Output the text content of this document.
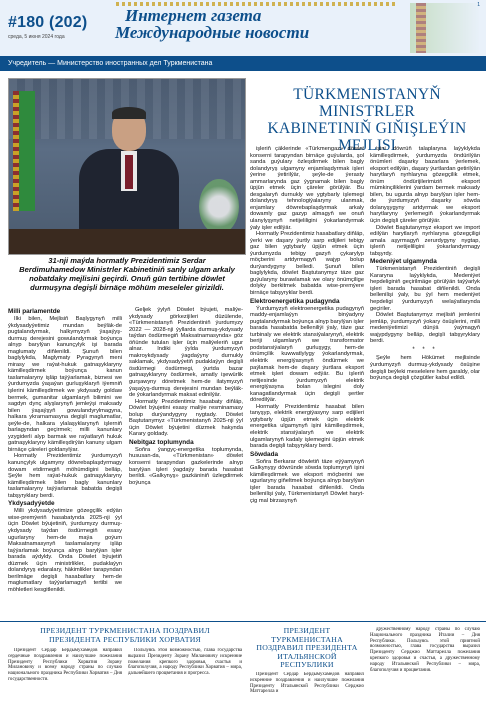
#180 (202)
среда, 5 июня 2024 года
Интернет газета
Международные новости
1
Учредитель — Министерство иностранных дел Туркменистана
31-nji maýda hormatly Prezidentimiz Serdar Berdimuhamedow Ministrler Kabinetiniň sanly ulgam arkaly nobatdaky mejlisini geçirdi. Onuň gün tertibine döwlet durmuşyna degişli birnäçe möhüm meseleler girizildi.
TÜRKMENISTANYŇ MINISTRLER
KABINETINIŇ GIŇIŞLEÝIN
MEJLISI
Milli parlamentde

Ilki bilen, Mejlisiň Başlygynyň milli ýkdysadyýetimiz mundan beýläk-de pugtalandyrmak, halkymyzyň ýaşaýyş-durmuş derejesini gowulandyrmak boýunça alnyp barylýan kanunçylyk işi barada maglumaty diňlenildi. Şunuň bilen baglylykda, Maglymaty Pyragynyň meni mirasy we raýat-hukuk gatnaşyklaryny kämilleşdirmek boýunça kanun taslamalaryny işläp taýýarlamak, biznesi we ýurdumyzda ýaşaýan gurluşyklaryň iýemniň işlerini kämilleşdirmek we ykdysady goldaw bermek, gumanitar ulgamlaryň bilimini we sagdyn dynç alyşlarynyň jemleýşi maksady bilen ýaşaýşyň gowulandyrylmagyna, halkara ykrarnamasyna degişli maglumatlar, şeýle-de, halkara ylalaşyklarynyň işlerniň barlagyndan geçirmek; milli kanunlary yzygiderli alyp barmak we raýatlaryň hukuk gatnaşyklaryny kämilleşdirýän kanuny ulgam birnäçe çäreleri goldanylýar.

Hormatly Prezidentimiz ýurdumyzyň kanunçylyk ulgamyny döwrebaplaşdyrmagy dowam etdirmegiň möhümdigini belläp, Şeýle hem raýat-hukuk gatnaşyklaryny kämilleşdirmek bilen bagly kanunlary taslamalaryny taýýarlamak babatda degişli tabşyryklary berdi.

Ykdysadyýetde

Milli ykdysadyýetimize gözegçilik edýän wise-premýeriň hasabatynda 2025-nji ýyl üçin Döwlet býujetiniň, ýurdumyzy durmuş-ykdysady taýdan ösdürmegiň esasy ugurlaryny hem-de maýa goýum Maksatnamasynyň taslamalaryny işläp taýýarlamak boýunça alnyp barylýan işler barada aýdyldy. Onda Döwlet býujetiň düzmek üçin ministrlikler, pudaklaýyn dolandyryş edaralary, häkimlikler tarapyndan berilmäge degişli hasabatlary hem-de maglumatlary taýýarlamagyň tertibi we möhletleri kesgitlenildi.

Geljek ýylyň Döwlet býujeti, maliýe-ykdysady görkezijileri düzülende, «Türkmenistanyň Prezidentiniň ýurdumyzy 2022 — 2028-nji ýyllarda durmuş-ykdysady taýdan ösdürmegiň Maksatnamasynda» göz öňünde tutulan işler üçin maliýeleriň ugur alnar. Indiki ýylda ýurdumyzyň makroykdysady ýagdaýyny durnukly saklamak, ykdysadyýetiň pudaklaýyn degişli ösdürmegi ösdürmegi, ýurtda bazar gatnaşyklaryny ösdürmek, amatly işewürlik gurşawyny döretmek hem-de ilatymyzyň ýaşaýyş-durmuş derejesini mundan beýläk-de ýokarlandyrmak maksat edinilýär.

Hormatly Prezidentimiz hasabaty diňläp, Döwlet býujetini esasy maliýe resminamasy bolup durýandygyny nygtady. Döwlet Baştutanymyz «Türkmenistanyň 2025-nji ýyl üçin Döwlet býujetini düzmek hakynda Karary goldady.

Nebitgaz toplumynda

Soňra ýangyç-energetika toplumynda, hususan-da, «Türkmenistan» döwlet konserni tarapyndan gazkelerinde alnyp barylýan işleri ýagdaýy barada hasabat berildi. «Galkynyş» gazkäniniň üzlegdirmek boýunça

işleriň çäklerinde «Türkmengaz» döwlet konserni tarapyndan birnäçe guýularda, şol sanda guýulary özleşdirmek bilen bagly dolandyryş ulgamyny enjamlaşdyrmak işleri ýerine ýetirilýär, şeýle-de ýerasty ammarlarynda gaz ýygnamak bilen bagly üpjün etmek üçin çäreler görülýär. Bu desgalaryň durnukly we ygtybarly işlemegi dolandyryş tehnologiýalaryny ulanmak, enjamlary döwrebaplaşdyrmak arkaly dowamly gaz gazyp almagyň we onuň ulanylyşynyň netijeliligini ýokarlandyrmak ýaly işler edilýär.

Hormatly Prezidentimiz hasabatlary diňläp, ýerki we daşary ýurtly sarp edijileri tebigy gaz bilen ygtybarly üpjün etmek üçin ýurdumyzda tebigy gazyň çykarylyp möçberini artdyrmagyň wajyp bolup durýandygyny belledi. Şunuň bilen baglylykda, döwlet Baştutanymyz täze gaz guýularyny burawlamak we olary önümçilige dolyky berkitmek babatda wise-premýere birnäçe tabşyryklar berdi.

Elektroenergetika pudagynda

Ýurdumyzyň elektroenergetika pudagynyň maddy-enjamlaýyn binýadyny pugtalandyrmak boýunça alnyp barylýan işler barada hasabatda belleniliýi ýaly, täze gaz turbinaly we elektrik stansiýalarynyň, elektrik beriji ulgamlaryň we transformator podstansiýalaryň gurluşygy, hem-de önümçilik kuwwatlylygy ýokarlandyrmak, elektrik energiýasynyň öndürmek we paýlamak hem-de daşary ýurtlara eksport etmek işleri dowam edýär. Bu işleriň netijesinde ýurdumyzyň elektrik energiýasyna bolan islegini doly kanagatlandyrmak üçin degişli şertler döredilýär.

Hormatly Prezidentimiz hasabat bilen tanyşyp, elektrik energiýasyny sarp edijileri ygtybarly üpjün etmek üçin elektrik energetika ulgamynyň işini kämilleşdirmek, elektrik stansiýalaryň we elektrik ulgamlarynyň kadaly işlemegini üpjün etmek barada degişli tabşyryklary berdi.

Söwdada

Soňra Berkarar döwletiň täze eýýamynyň Galkynyşy döwründe söwda toplumynyň işini kämilleşdirmek we eksport möçberini we ugurlaryny giňeltmek boýunça alnyp barylýan işler barada hasabat diňlenildi. Onda bellenilişi ýaly, Türkmenistanyň Döwlet haryt-çig mal birzasynyň

işini döwrüň talaplaryna laýyklykda kämilleşdirmek, ýurdumyzda öndürilýän önümleri daşarky bazarlara ýerlemek, eksport edilýän, daşary ýurtlardan getirilýän harytlaryň nyrhlaryna gözegçilik etmek, önüm öndürijilerimiziň eksport mümkinçiliklerini ýardam bermek maksady bilen, bu ugurda alnyp barylýan işler hem-de ýurdumyzyň daşarky söwda dolanyşygyny artdyrmak we eksport harytlaryny ýerlemegiň ýokarlandyrmak üçin degişli çäreler görülýär.

Döwlet Baştutanymyz eksport we import edilýän harytlaryň nyrhlaryna gözegçiligi amala aşyrmagyň zerurdygyny nygtap, işleriň netijeliligini ýokarlandyrmagy tabşyrdy.

Medeniýet ulgamynda

Türkmenistanyň Prezidentiniň degişli Kararyna laýyklykda, Medeniýet hepdeliginiň geçirilmäge görülýän taýýarlyk işleri barada hasabat diňlenildi. Onda bellenilişi ýaly, bu ýyl hem medeniýet hepdeligi ýurdumyzyň welaýatlarynda geçiriler.

Döwlet Baştutanymyz mejlisiň jemlerini jemläp, ýurdumyzyň ýokary ösüşlerini, milli medeniýetimizi dünýä ýaýmagyň wajypdygyny belläp, degişli tabşyryklary berdi.

* * *

Şeýle hem Hökümet mejlisinde ýurdumyzyň durmuş-ykdysady ösüşine degişli beýleki meselelere hem garaldy, olar boýunça degişli çözgütler kabul edildi.

ПРЕЗИДЕНТ ТУРКМЕНИСТАНА ПОЗДРАВИЛ
ПРЕЗИДЕНТА РЕСПУБЛИКИ ХОРВАТИЯ

Президент Сердар Бердымухамедов направил сердечные поздравления и наилучшие пожелания Президенту Республики Хорватия Зорану Милановичу и всему народу страны по случаю национального праздника Республики Хорватия – Дня государственности.

Пользуясь этой возможностью, глава государства выразил Президенту Зорану Милановичу искренние пожелания крепкого здоровья, счастья и благополучия, а народу Республики Хорватия – мира, дальнейшего процветания и прогресса.

ПРЕЗИДЕНТ
ТУРКМЕНИСТАНА
ПОЗДРАВИЛ ПРЕЗИДЕНТА
ИТАЛЬЯНСКОЙ
РЕСПУБЛИКИ

Президент Сердар Бердымухамедов направил искренние поздравления и наилучшие пожелания Президенту Итальянской Республики Серджио Маттарелла и

дружественному народу страны по случаю Национального праздника Италии – Дня Республики. Пользуясь этой приятной возможностью, глава государства выразил Президенту Серджио Маттарелла пожелания крепкого здоровья и счастья, а дружественному народу Итальянской Республики – мира, благополучия и процветания.
